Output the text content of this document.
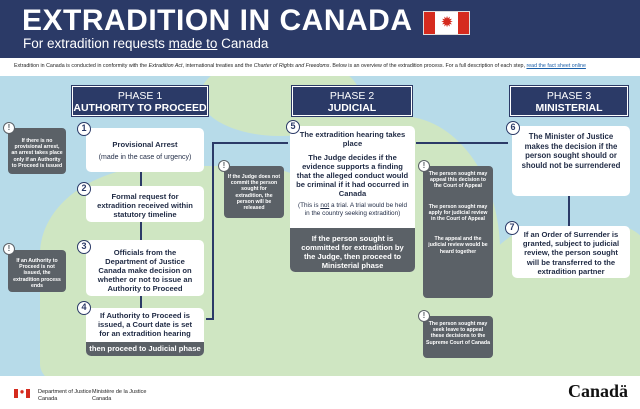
EXTRADITION IN CANADA ✹
For extradition requests made to Canada
Extradition in Canada is conducted in conformity with the Extradition Act, international treaties and the Charter of Rights and Freedoms. Below is an overview of the extradition process. For a full description of each step, read the fact sheet online
PHASE 1
AUTHORITY TO PROCEED
PHASE 2
JUDICIAL
PHASE 3
MINISTERIAL
Provisional Arrest
(made in the case of urgency)
1
Formal request for extradition received within statutory timeline
2
Officials from the Department of Justice Canada make decision on whether or not to issue an Authority to Proceed
3
If Authority to Proceed is issued, a Court date is set for an extradition hearing
then proceed to Judicial phase
4
If there is no provisional arrest, an arrest takes place only if an Authority to Proceed is issued
!
If an Authority to Proceed is not issued, the extradition process ends
!
The extradition hearing takes place
The Judge decides if the evidence supports a finding that the alleged conduct would be criminal if it had occurred in Canada
(This is not a trial. A trial would be held in the country seeking extradition)
If the person sought is committed for extradition by the Judge, then proceed to Ministerial phase
5
If the Judge does not commit the person sought for extradition, the person will be released
!
The person sought may appeal this decision to the Court of Appeal
The person sought may apply for judicial review in the Court of Appeal
The appeal and the judicial review would be heard together
!
The person sought may seek leave to appeal these decisions to the Supreme Court of Canada
!
The Minister of Justice makes the decision if the person sought should or should not be surrendered
6
If an Order of Surrender is granted, subject to judicial review, the person sought will be transferred to the extradition partner
7
✹ Department of Justice
Canada
Ministère de la Justice
Canada	Canadä
